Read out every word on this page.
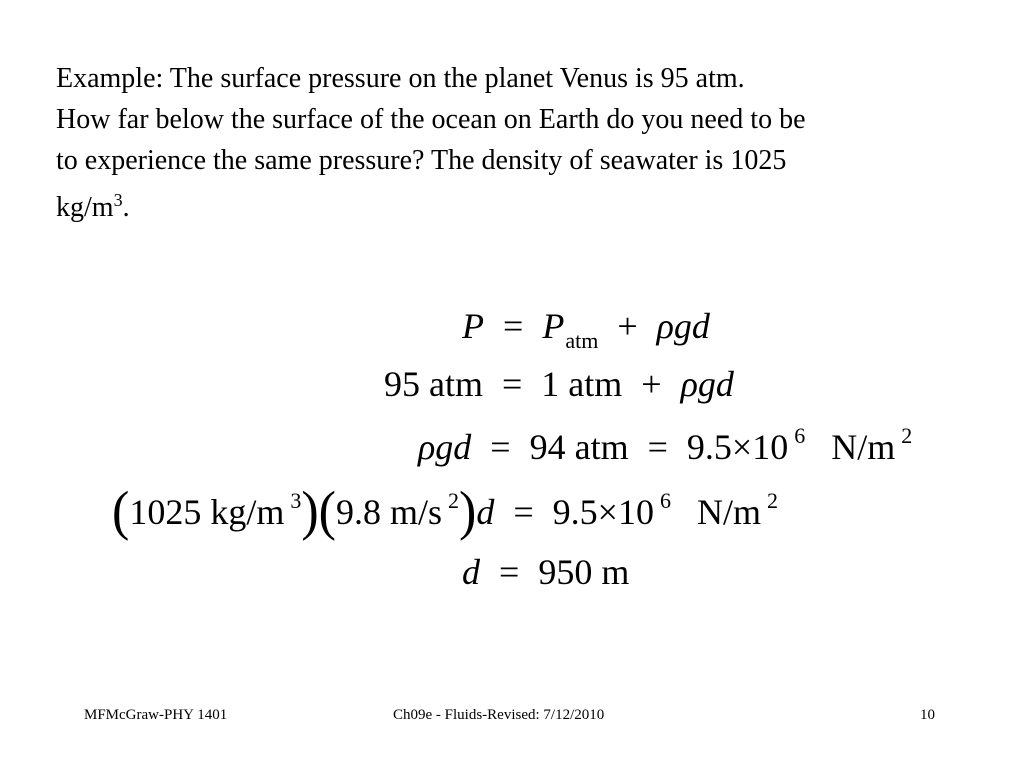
Example: The surface pressure on the planet Venus is 95 atm.
How far below the surface of the ocean on Earth do you need to be
to experience the same pressure? The density of seawater is 1025
$kg/m^3$.
$P = P_{atm} + \rho gd$
95 atm = 1 atm + ρgd
ρgd = 94 atm = 9.5×10 $^6$ N/m $^2$
(1025 kg/m $^3$)(9.8 m/s $^2$)d = 9.5×10 $^6$ N/m $^2$
d = 950 m
MFMcGraw-PHY 1401	Ch09e - Fluids-Revised: 7/12/2010	10
